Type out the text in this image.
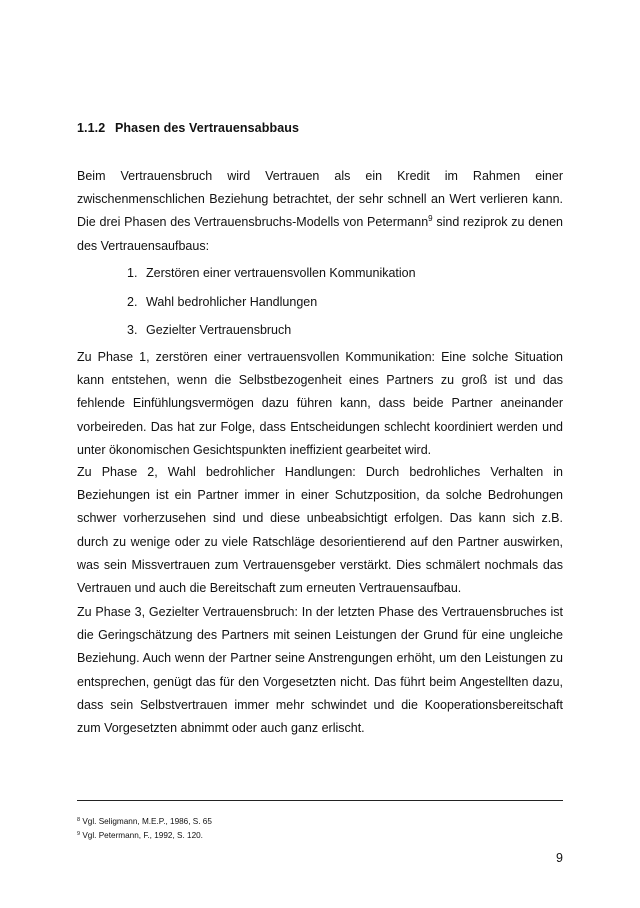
1.1.2 Phasen des Vertrauensabbaus

Beim Vertrauensbruch wird Vertrauen als ein Kredit im Rahmen einer zwischenmenschlichen Beziehung betrachtet, der sehr schnell an Wert verlieren kann. Die drei Phasen des Vertrauensbruchs-Modells von Petermann$^9$ sind reziprok zu denen des Vertrauensaufbaus:

1. Zerstören einer vertrauensvollen Kommunikation
2. Wahl bedrohlicher Handlungen
3. Gezielter Vertrauensbruch

Zu Phase 1, zerstören einer vertrauensvollen Kommunikation: Eine solche Situation kann entstehen, wenn die Selbstbezogenheit eines Partners zu groß ist und das fehlende Einfühlungsvermögen dazu führen kann, dass beide Partner aneinander vorbeireden. Das hat zur Folge, dass Entscheidungen schlecht koordiniert werden und unter ökonomischen Gesichtspunkten ineffizient gearbeitet wird.

Zu Phase 2, Wahl bedrohlicher Handlungen: Durch bedrohliches Verhalten in Beziehungen ist ein Partner immer in einer Schutzposition, da solche Bedrohungen schwer vorherzusehen sind und diese unbeabsichtigt erfolgen. Das kann sich z.B. durch zu wenige oder zu viele Ratschläge desorientierend auf den Partner auswirken, was sein Missvertrauen zum Vertrauensgeber verstärkt. Dies schmälert nochmals das Vertrauen und auch die Bereitschaft zum erneuten Vertrauensaufbau.

Zu Phase 3, Gezielter Vertrauensbruch: In der letzten Phase des Vertrauensbruches ist die Geringschätzung des Partners mit seinen Leistungen der Grund für eine ungleiche Beziehung. Auch wenn der Partner seine Anstrengungen erhöht, um den Leistungen zu entsprechen, genügt das für den Vorgesetzten nicht. Das führt beim Angestellten dazu, dass sein Selbstvertrauen immer mehr schwindet und die Kooperationsbereitschaft zum Vorgesetzten abnimmt oder auch ganz erlischt.

$^8$ Vgl. Seligmann, M.E.P., 1986, S. 65
$^9$ Vgl. Petermann, F., 1992, S. 120.
9
